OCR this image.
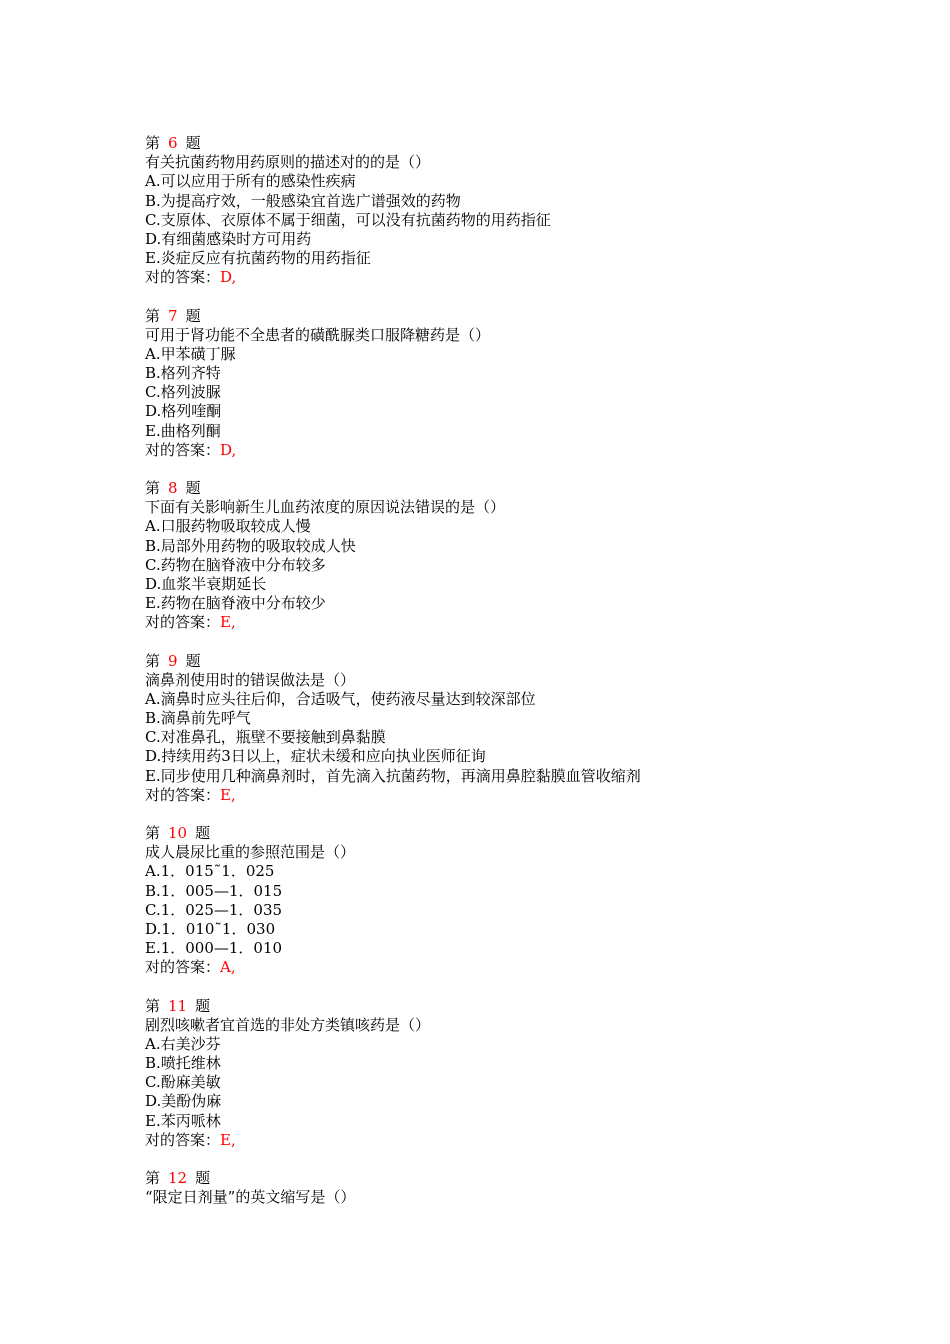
第 6 题
有关抗菌药物用药原则的描述对的的是（）
A.可以应用于所有的感染性疾病
B.为提高疗效，一般感染宜首选广谱强效的药物
C.支原体、衣原体不属于细菌，可以没有抗菌药物的用药指征
D.有细菌感染时方可用药
E.炎症反应有抗菌药物的用药指征
对的答案：D,
第 7 题
可用于肾功能不全患者的磺酰脲类口服降糖药是（）
A.甲苯磺丁脲
B.格列齐特
C.格列波脲
D.格列喹酮
E.曲格列酮
对的答案：D,
第 8 题
下面有关影响新生儿血药浓度的原因说法错误的是（）
A.口服药物吸取较成人慢
B.局部外用药物的吸取较成人快
C.药物在脑脊液中分布较多
D.血浆半衰期延长
E.药物在脑脊液中分布较少
对的答案：E,
第 9 题
滴鼻剂使用时的错误做法是（）
A.滴鼻时应头往后仰，合适吸气，使药液尽量达到较深部位
B.滴鼻前先呼气
C.对准鼻孔，瓶壁不要接触到鼻黏膜
D.持续用药3日以上，症状未缓和应向执业医师征询
E.同步使用几种滴鼻剂时，首先滴入抗菌药物，再滴用鼻腔黏膜血管收缩剂
对的答案：E,
第 10 题
成人晨尿比重的参照范围是（）
A.1．015˜1．025
B.1．005—1．015
C.1．025—1．035
D.1．010˜1．030
E.1．000—1．010
对的答案：A,
第 11 题
剧烈咳嗽者宜首选的非处方类镇咳药是（）
A.右美沙芬
B.喷托维林
C.酚麻美敏
D.美酚伪麻
E.苯丙哌林
对的答案：E,
第 12 题
“限定日剂量”的英文缩写是（）
